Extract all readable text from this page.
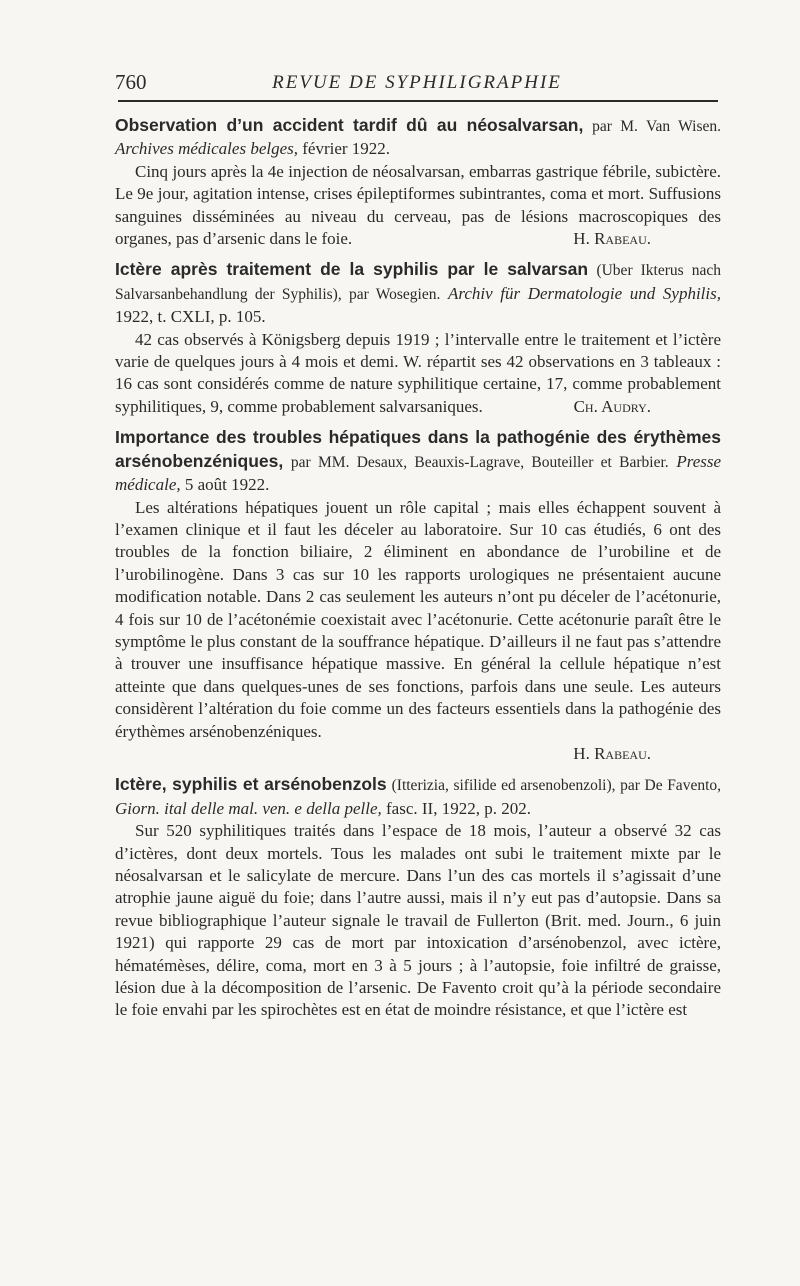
760	REVUE DE SYPHILIGRAPHIE

Observation d’un accident tardif dû au néosalvarsan, par M. Van Wisen. Archives médicales belges, février 1922.

Cinq jours après la 4e injection de néosalvarsan, embarras gastrique fébrile, subictère. Le 9e jour, agitation intense, crises épileptiformes subintrantes, coma et mort. Suffusions sanguines disséminées au niveau du cerveau, pas de lésions macroscopiques des organes, pas d’arsenic dans le foie.	H. Rabeau.

Ictère après traitement de la syphilis par le salvarsan (Uber Ikterus nach Salvarsanbehandlung der Syphilis), par Wosegien. Archiv für Dermatologie und Syphilis, 1922, t. CXLI, p. 105.

42 cas observés à Königsberg depuis 1919 ; l’intervalle entre le traitement et l’ictère varie de quelques jours à 4 mois et demi. W. répartit ses 42 observations en 3 tableaux : 16 cas sont considérés comme de nature syphilitique certaine, 17, comme probablement syphilitiques, 9, comme probablement salvarsaniques.	Ch. Audry.

Importance des troubles hépatiques dans la pathogénie des érythèmes arsénobenzéniques, par MM. Desaux, Beauxis-Lagrave, Bouteiller et Barbier. Presse médicale, 5 août 1922.

Les altérations hépatiques jouent un rôle capital ; mais elles échappent souvent à l’examen clinique et il faut les déceler au laboratoire. Sur 10 cas étudiés, 6 ont des troubles de la fonction biliaire, 2 éliminent en abondance de l’urobiline et de l’urobilinogène. Dans 3 cas sur 10 les rapports urologiques ne présentaient aucune modification notable. Dans 2 cas seulement les auteurs n’ont pu déceler de l’acétonurie, 4 fois sur 10 de l’acétonémie coexistait avec l’acétonurie. Cette acétonurie paraît être le symptôme le plus constant de la souffrance hépatique. D’ailleurs il ne faut pas s’attendre à trouver une insuffisance hépatique massive. En général la cellule hépatique n’est atteinte que dans quelques-unes de ses fonctions, parfois dans une seule. Les auteurs considèrent l’altération du foie comme un des facteurs essentiels dans la pathogénie des érythèmes arsénobenzéniques.

H. Rabeau.

Ictère, syphilis et arsénobenzols (Itterizia, sifilide ed arsenobenzoli), par De Favento, Giorn. ital delle mal. ven. e della pelle, fasc. II, 1922, p. 202.

Sur 520 syphilitiques traités dans l’espace de 18 mois, l’auteur a observé 32 cas d’ictères, dont deux mortels. Tous les malades ont subi le traitement mixte par le néosalvarsan et le salicylate de mercure. Dans l’un des cas mortels il s’agissait d’une atrophie jaune aiguë du foie; dans l’autre aussi, mais il n’y eut pas d’autopsie. Dans sa revue bibliographique l’auteur signale le travail de Fullerton (Brit. med. Journ., 6 juin 1921) qui rapporte 29 cas de mort par intoxication d’arsénobenzol, avec ictère, hématémèses, délire, coma, mort en 3 à 5 jours ; à l’autopsie, foie infiltré de graisse, lésion due à la décomposition de l’arsenic. De Favento croit qu’à la période secondaire le foie envahi par les spirochètes est en état de moindre résistance, et que l’ictère est
